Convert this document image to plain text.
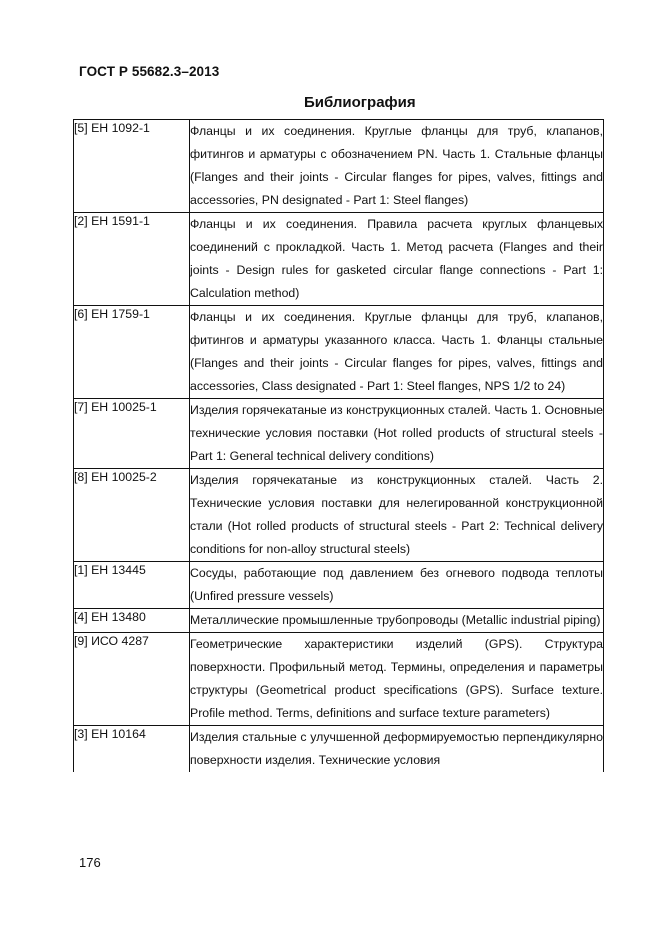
ГОСТ Р 55682.3–2013
Библиография
[5] ЕН 1092-1	Фланцы и их соединения. Круглые фланцы для труб, клапанов, фитингов и арматуры с обозначением PN. Часть 1. Стальные фланцы (Flanges and their joints - Circular flanges for pipes, valves, fittings and accessories, PN designated - Part 1: Steel flanges)
[2] ЕН 1591-1	Фланцы и их соединения. Правила расчета круглых фланцевых соединений с прокладкой. Часть 1. Метод расчета (Flanges and their joints - Design rules for gasketed circular flange connections - Part 1: Calculation method)
[6] ЕН 1759-1	Фланцы и их соединения. Круглые фланцы для труб, клапанов, фитингов и арматуры указанного класса. Часть 1. Фланцы стальные (Flanges and their joints - Circular flanges for pipes, valves, fittings and accessories, Class designated - Part 1: Steel flanges, NPS 1/2 to 24)
[7] ЕН 10025-1	Изделия горячекатаные из конструкционных сталей. Часть 1. Основные технические условия поставки (Hot rolled products of structural steels - Part 1: General technical delivery conditions)
[8] ЕН 10025-2	Изделия горячекатаные из конструкционных сталей. Часть 2. Технические условия поставки для нелегированной конструкционной стали (Hot rolled products of structural steels - Part 2: Technical delivery conditions for non-alloy structural steels)
[1] ЕН 13445	Сосуды, работающие под давлением без огневого подвода теплоты (Unfired pressure vessels)
[4] ЕН 13480	Металлические промышленные трубопроводы (Metallic industrial piping)
[9] ИСО 4287	Геометрические характеристики изделий (GPS). Структура поверхности. Профильный метод. Термины, определения и параметры структуры (Geometrical product specifications (GPS). Surface texture. Profile method. Terms, definitions and surface texture parameters)
[3] ЕН 10164	Изделия стальные с улучшенной деформируемостью перпендикулярно поверхности изделия. Технические условия
176
